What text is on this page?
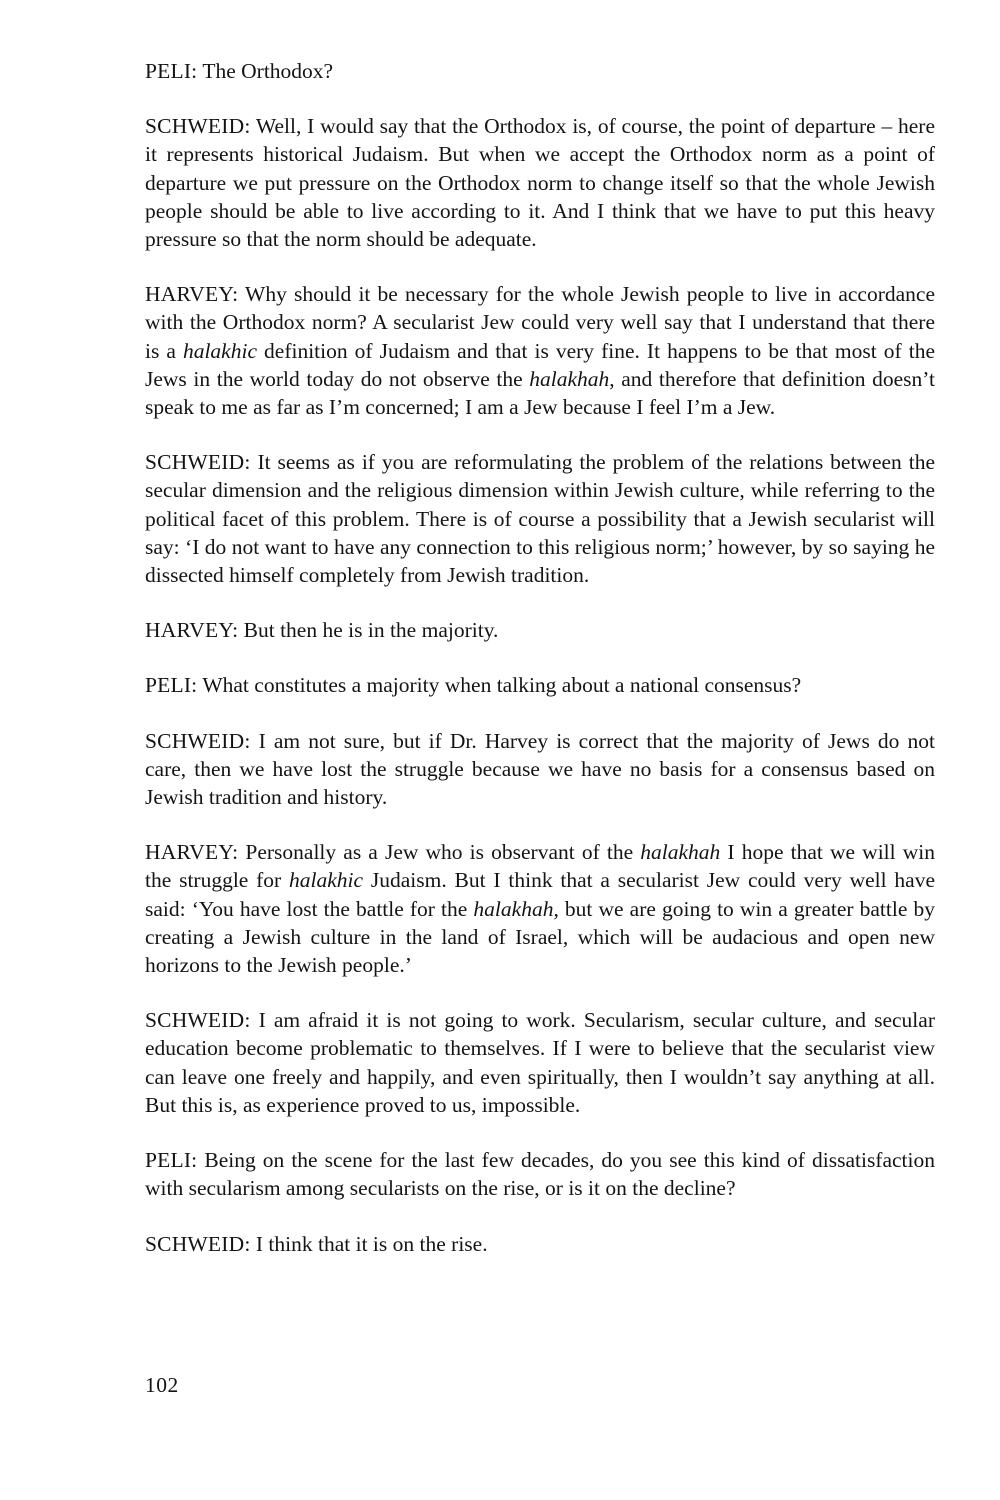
PELI: The Orthodox?

SCHWEID: Well, I would say that the Orthodox is, of course, the point of departure – here it represents historical Judaism. But when we accept the Orthodox norm as a point of departure we put pressure on the Orthodox norm to change itself so that the whole Jewish people should be able to live according to it. And I think that we have to put this heavy pressure so that the norm should be adequate.

HARVEY: Why should it be necessary for the whole Jewish people to live in accordance with the Orthodox norm? A secularist Jew could very well say that I understand that there is a halakhic definition of Judaism and that is very fine. It happens to be that most of the Jews in the world today do not observe the halakhah, and therefore that definition doesn’t speak to me as far as I’m concerned; I am a Jew because I feel I’m a Jew.

SCHWEID: It seems as if you are reformulating the problem of the relations between the secular dimension and the religious dimension within Jewish culture, while referring to the political facet of this problem. There is of course a possibility that a Jewish secularist will say: ‘I do not want to have any connection to this religious norm;’ however, by so saying he dissected himself completely from Jewish tradition.

HARVEY: But then he is in the majority.

PELI: What constitutes a majority when talking about a national consensus?

SCHWEID: I am not sure, but if Dr. Harvey is correct that the majority of Jews do not care, then we have lost the struggle because we have no basis for a consensus based on Jewish tradition and history.

HARVEY: Personally as a Jew who is observant of the halakhah I hope that we will win the struggle for halakhic Judaism. But I think that a secularist Jew could very well have said: ‘You have lost the battle for the halakhah, but we are going to win a greater battle by creating a Jewish culture in the land of Israel, which will be audacious and open new horizons to the Jewish people.’

SCHWEID: I am afraid it is not going to work. Secularism, secular culture, and secular education become problematic to themselves. If I were to believe that the secularist view can leave one freely and happily, and even spiritually, then I wouldn’t say anything at all. But this is, as experience proved to us, impossible.

PELI: Being on the scene for the last few decades, do you see this kind of dissatisfaction with secularism among secularists on the rise, or is it on the decline?

SCHWEID: I think that it is on the rise.

102
